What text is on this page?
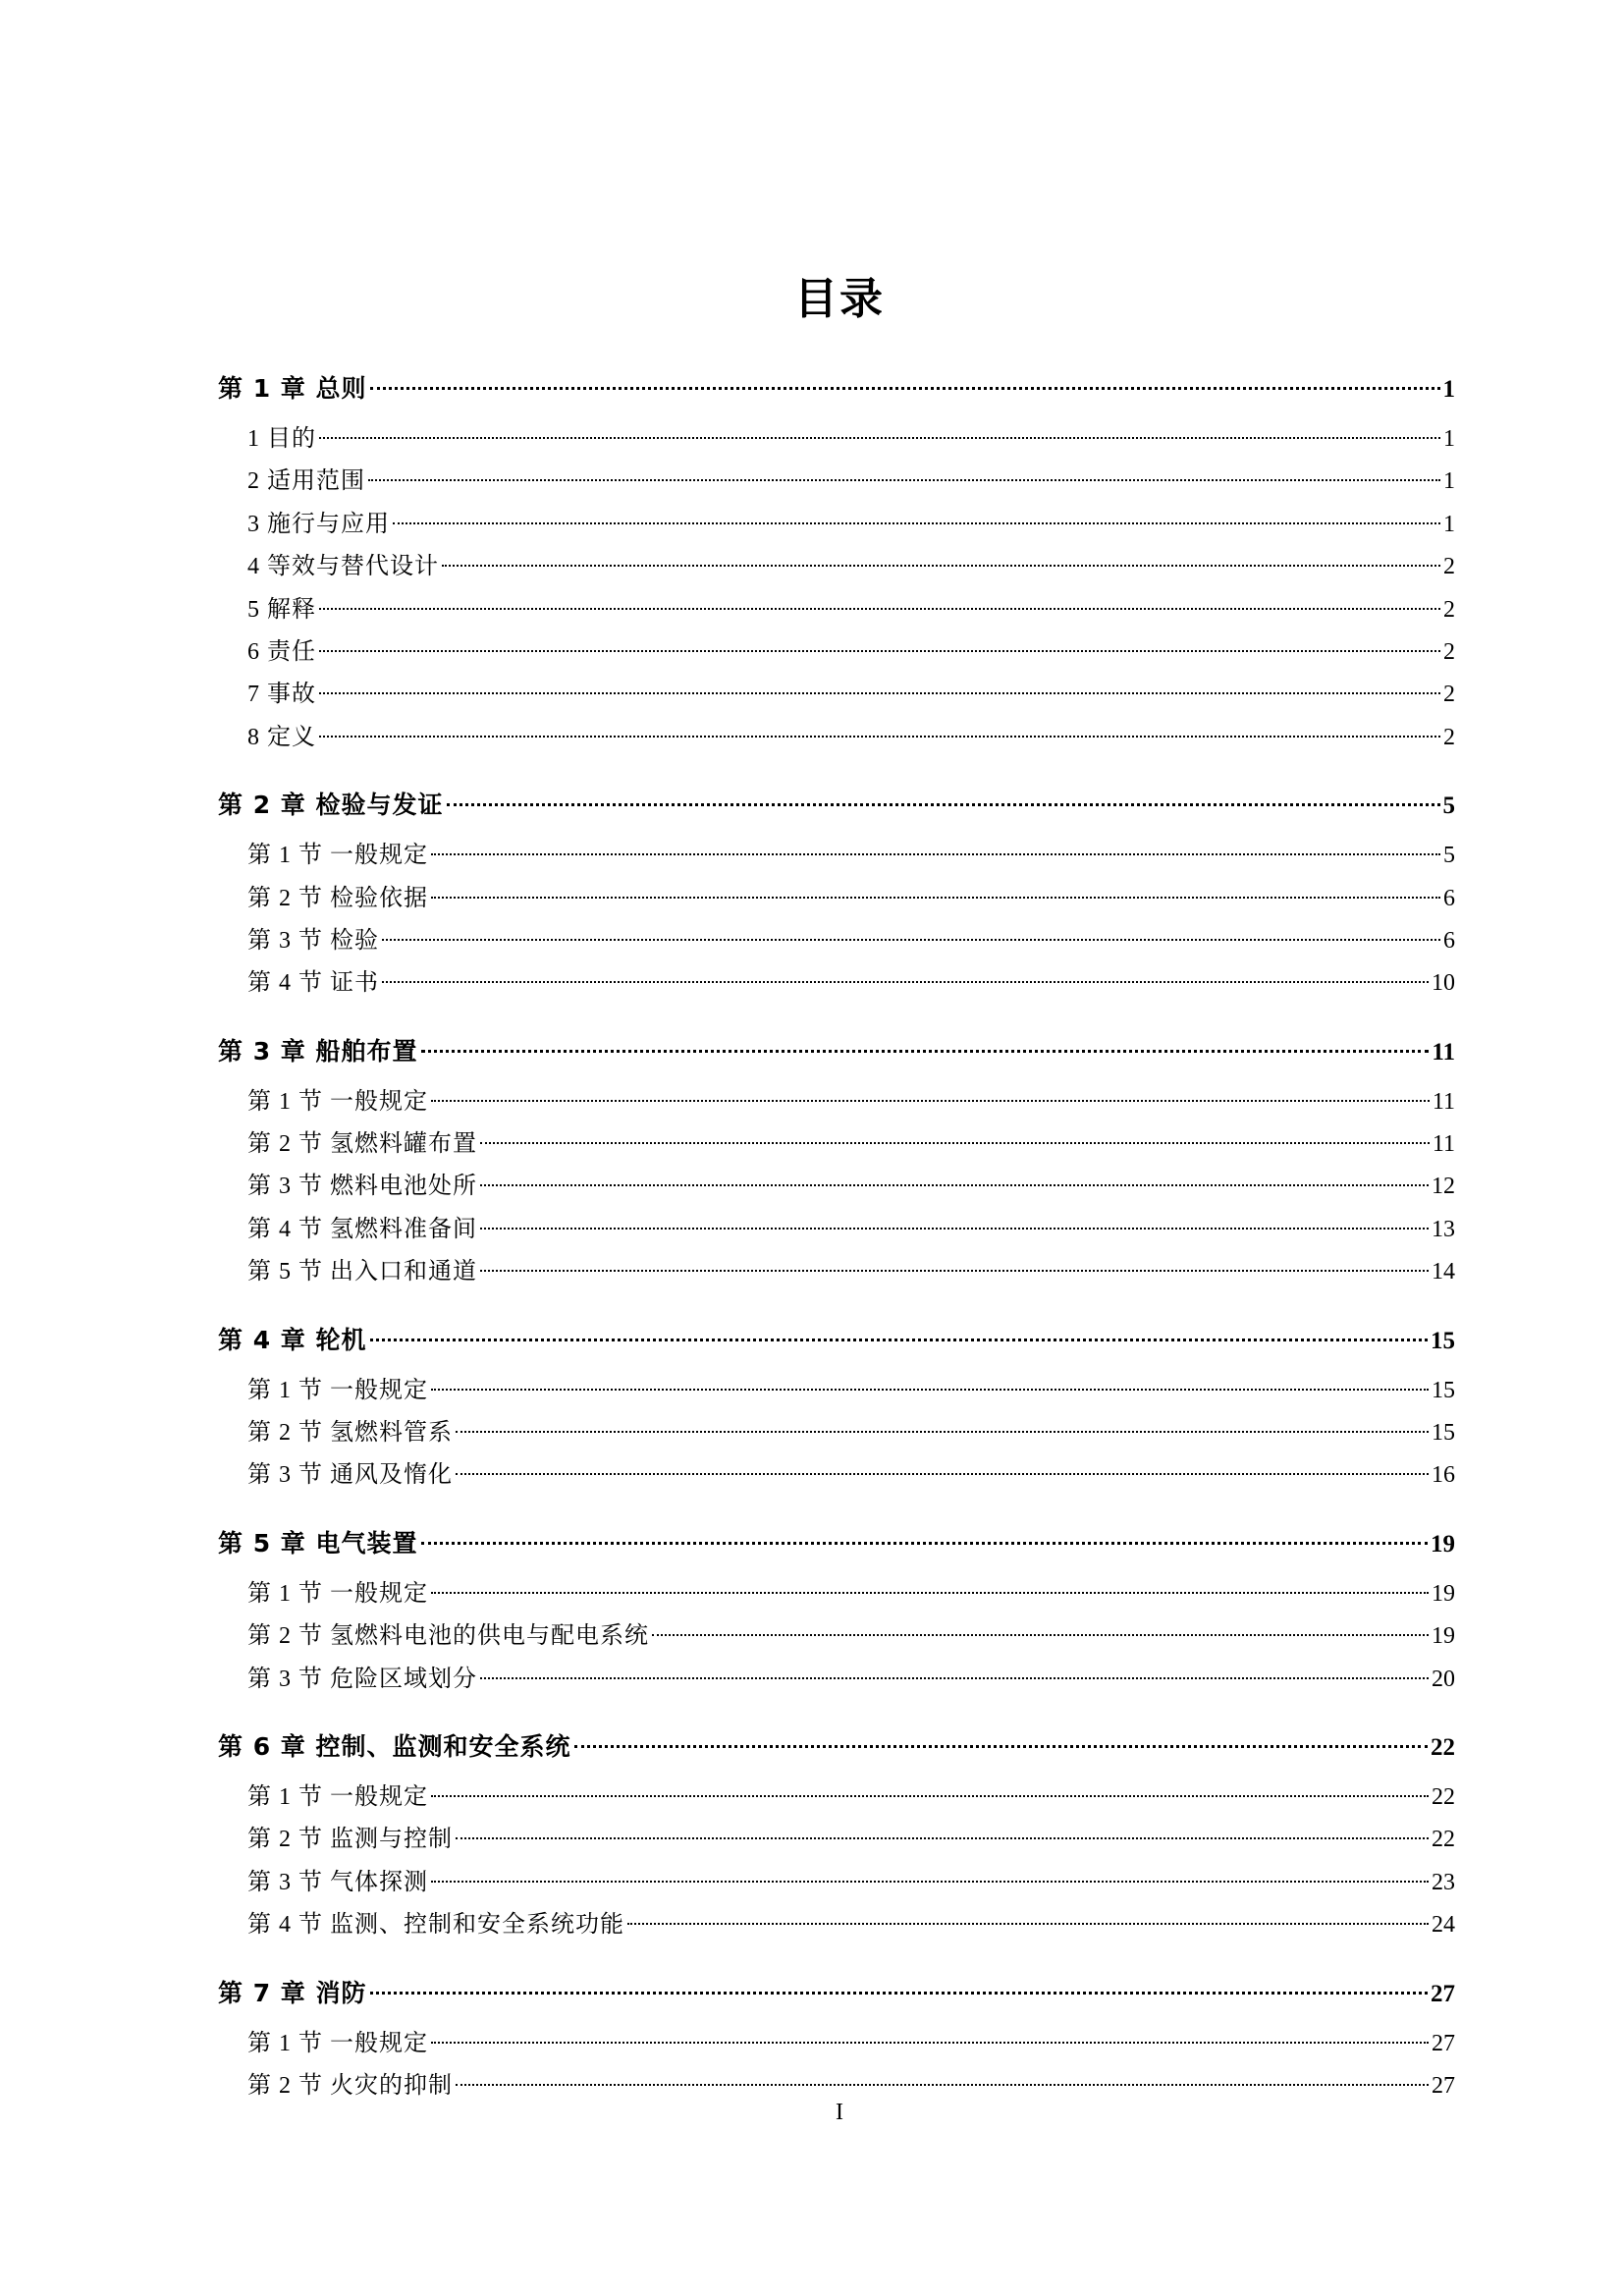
目录
第 1 章 总则	1
1 目的	1
2 适用范围	1
3 施行与应用	1
4 等效与替代设计	2
5 解释	2
6 责任	2
7 事故	2
8 定义	2
第 2 章 检验与发证	5
第 1 节 一般规定	5
第 2 节 检验依据	6
第 3 节 检验	6
第 4 节 证书	10
第 3 章 船舶布置	11
第 1 节 一般规定	11
第 2 节 氢燃料罐布置	11
第 3 节 燃料电池处所	12
第 4 节 氢燃料准备间	13
第 5 节 出入口和通道	14
第 4 章 轮机	15
第 1 节 一般规定	15
第 2 节 氢燃料管系	15
第 3 节 通风及惰化	16
第 5 章 电气装置	19
第 1 节 一般规定	19
第 2 节 氢燃料电池的供电与配电系统	19
第 3 节 危险区域划分	20
第 6 章 控制、监测和安全系统	22
第 1 节 一般规定	22
第 2 节 监测与控制	22
第 3 节 气体探测	23
第 4 节 监测、控制和安全系统功能	24
第 7 章 消防	27
第 1 节 一般规定	27
第 2 节 火灾的抑制	27
I
